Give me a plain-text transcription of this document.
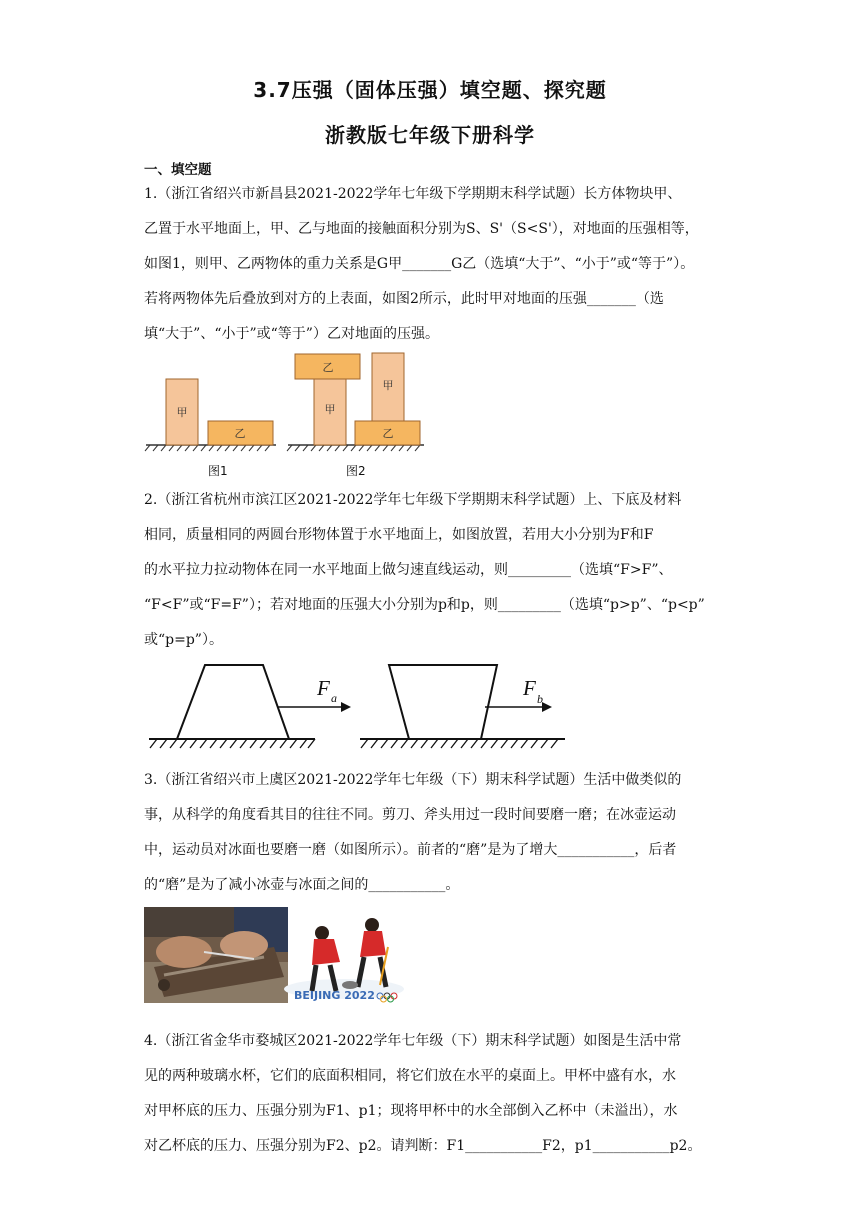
3.7压强（固体压强）填空题、探究题
浙教版七年级下册科学
一、填空题
1.（浙江省绍兴市新昌县2021-2022学年七年级下学期期末科学试题）长方体物块甲、
乙置于水平地面上，甲、乙与地面的接触面积分别为S、S'（S<S'），对地面的压强相等，
如图1，则甲、乙两物体的重力关系是G甲_______G乙（选填“大于”、“小于”或“等于”）。
若将两物体先后叠放到对方的上表面，如图2所示，此时甲对地面的压强_______（选
填“大于”、“小于”或“等于”）乙对地面的压强。
甲
乙
甲
乙
乙
甲
图1	图2
2.（浙江省杭州市滨江区2021-2022学年七年级下学期期末科学试题）上、下底及材料
相同，质量相同的两圆台形物体置于水平地面上，如图放置，若用大小分别为F和F
的水平拉力拉动物体在同一水平地面上做匀速直线运动，则_________（选填“F>F”、
“F<F”或“F=F”）；若对地面的压强大小分别为p和p，则_________（选填“p>p”、“p<p”
或“p=p”）。
F a	F b
3.（浙江省绍兴市上虞区2021-2022学年七年级（下）期末科学试题）生活中做类似的
事，从科学的角度看其目的往往不同。剪刀、斧头用过一段时间要磨一磨；在冰壶运动
中，运动员对冰面也要磨一磨（如图所示）。前者的“磨”是为了增大___________，后者
的“磨”是为了减小冰壶与冰面之间的___________。
BEIJING 2022
4.（浙江省金华市婺城区2021-2022学年七年级（下）期末科学试题）如图是生活中常
见的两种玻璃水杯，它们的底面积相同，将它们放在水平的桌面上。甲杯中盛有水，水
对甲杯底的压力、压强分别为F1、p1；现将甲杯中的水全部倒入乙杯中（未溢出），水
对乙杯底的压力、压强分别为F2、p2。请判断：F1___________F2，p1___________p2。
